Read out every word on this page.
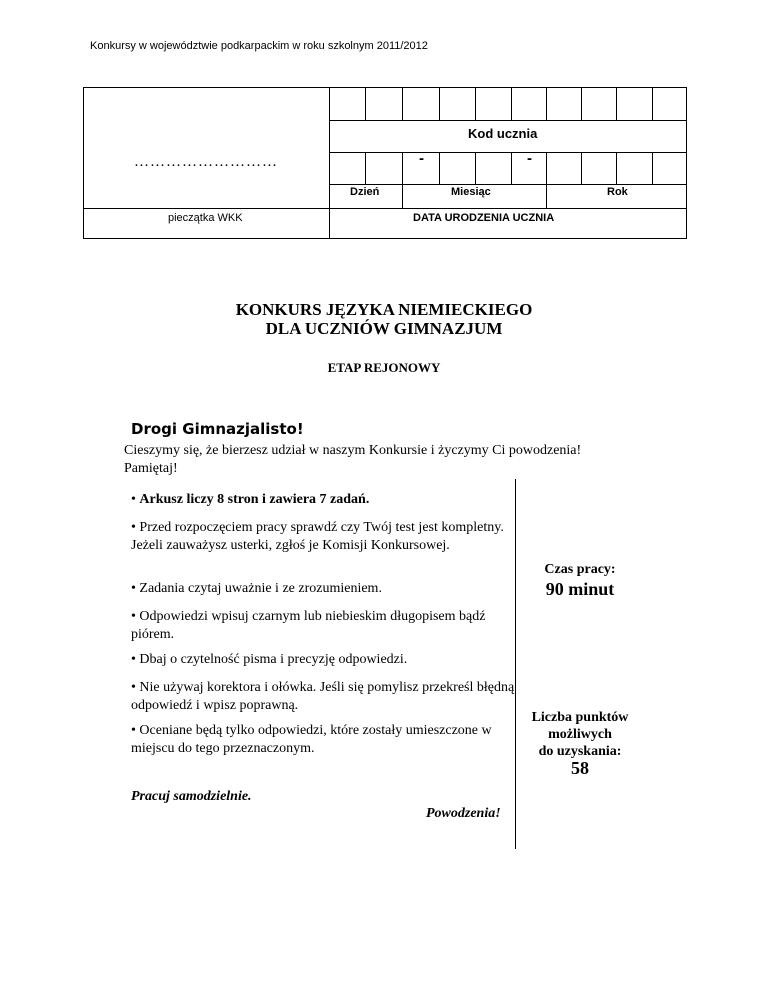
Konkursy w województwie podkarpackim w roku szkolnym 2011/2012
………………………
Kod ucznia
-	-
Dzień	Miesiąc	Rok
pieczątka WKK	DATA URODZENIA UCZNIA
KONKURS JĘZYKA NIEMIECKIEGO
DLA UCZNIÓW GIMNAZJUM
ETAP REJONOWY
Drogi Gimnazjalisto!
Cieszymy się, że bierzesz udział w naszym Konkursie i życzymy Ci powodzenia!
Pamiętaj!
• Arkusz liczy 8 stron i zawiera 7 zadań.
• Przed rozpoczęciem pracy sprawdź czy Twój test jest kompletny. Jeżeli zauważysz usterki, zgłoś je Komisji Konkursowej.
• Zadania czytaj uważnie i ze zrozumieniem.
• Odpowiedzi wpisuj czarnym lub niebieskim długopisem bądź piórem.
• Dbaj o czytelność pisma i precyzję odpowiedzi.
• Nie używaj korektora i ołówka. Jeśli się pomylisz przekreśl błędną odpowiedź i wpisz poprawną.
• Oceniane będą tylko odpowiedzi, które zostały umieszczone w miejscu do tego przeznaczonym.
Pracuj samodzielnie.
Powodzenia!
Czas pracy:
90 minut
Liczba punktów
możliwych
do uzyskania:
58
